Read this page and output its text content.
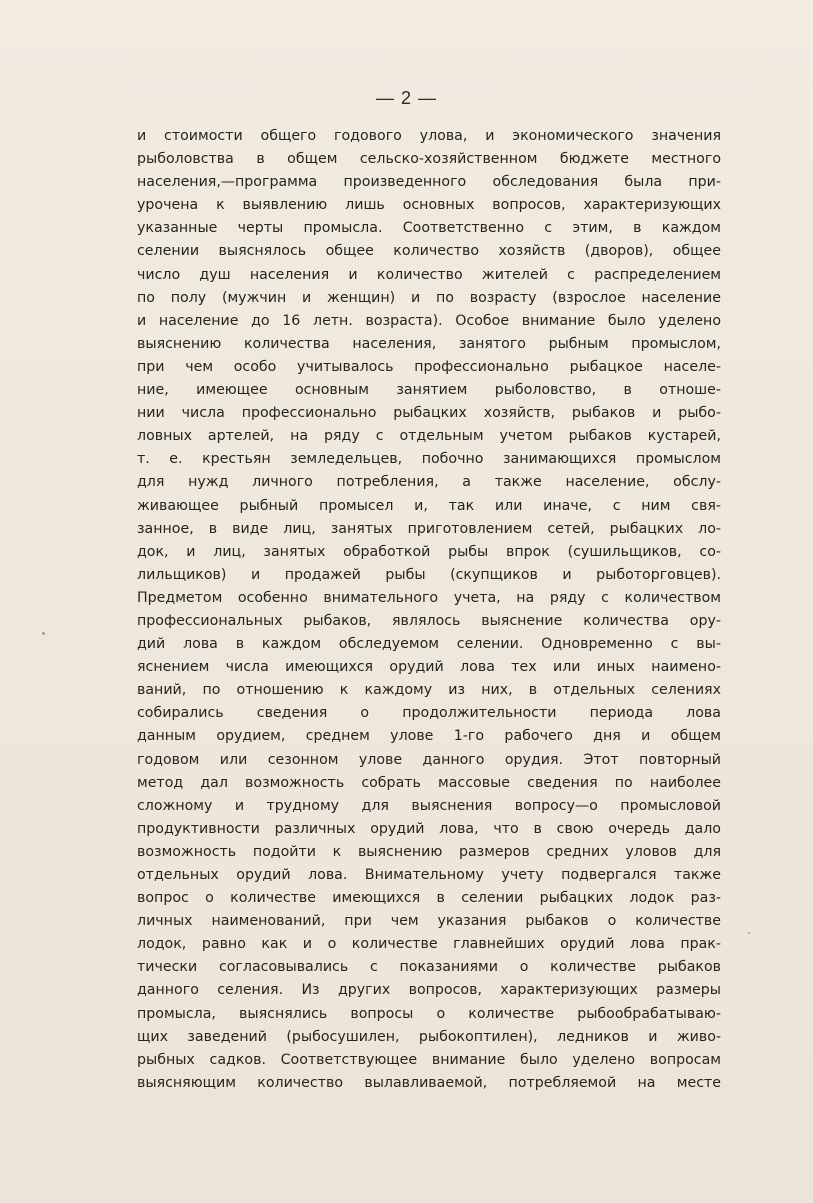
— 2 —
и стоимости общего годового улова, и экономического значения
рыболовства в общем сельско-хозяйственном бюджете местного
населения,—программа произведенного обследования была при-
урочена к выявлению лишь основных вопросов, характеризующих
указанные черты промысла. Соответственно с этим, в каждом
селении выяснялось общее количество хозяйств (дворов), общее
число душ населения и количество жителей с распределением
по полу (мужчин и женщин) и по возрасту (взрослое население
и население до 16 летн. возраста). Особое внимание было уделено
выяснению количества населения, занятого рыбным промыслом,
при чем особо учитывалось профессионально рыбацкое населе-
ние, имеющее основным занятием рыболовство, в отноше-
нии числа профессионально рыбацких хозяйств, рыбаков и рыбо-
ловных артелей, на ряду с отдельным учетом рыбаков кустарей,
т. е. крестьян земледельцев, побочно занимающихся промыслом
для нужд личного потребления, а также население, обслу-
живающее рыбный промысел и, так или иначе, с ним свя-
занное, в виде лиц, занятых приготовлением сетей, рыбацких ло-
док, и лиц, занятых обработкой рыбы впрок (сушильщиков, со-
лильщиков) и продажей рыбы (скупщиков и рыботорговцев).
Предметом особенно внимательного учета, на ряду с количеством
профессиональных рыбаков, являлось выяснение количества ору-
дий лова в каждом обследуемом селении. Одновременно с вы-
яснением числа имеющихся орудий лова тех или иных наимено-
ваний, по отношению к каждому из них, в отдельных селениях
собирались сведения о продолжительности периода лова
данным орудием, среднем улове 1-го рабочего дня и общем
годовом или сезонном улове данного орудия. Этот повторный
метод дал возможность собрать массовые сведения по наиболее
сложному и трудному для выяснения вопросу—о промысловой
продуктивности различных орудий лова, что в свою очередь дало
возможность подойти к выяснению размеров средних уловов для
отдельных орудий лова. Внимательному учету подвергался также
вопрос о количестве имеющихся в селении рыбацких лодок раз-
личных наименований, при чем указания рыбаков о количестве
лодок, равно как и о количестве главнейших орудий лова прак-
тически согласовывались с показаниями о количестве рыбаков
данного селения. Из других вопросов, характеризующих размеры
промысла, выяснялись вопросы о количестве рыбообрабатываю-
щих заведений (рыбосушилен, рыбокоптилен), ледников и живо-
рыбных садков. Соответствующее внимание было уделено вопросам
выясняющим количество вылавливаемой, потребляемой на месте
